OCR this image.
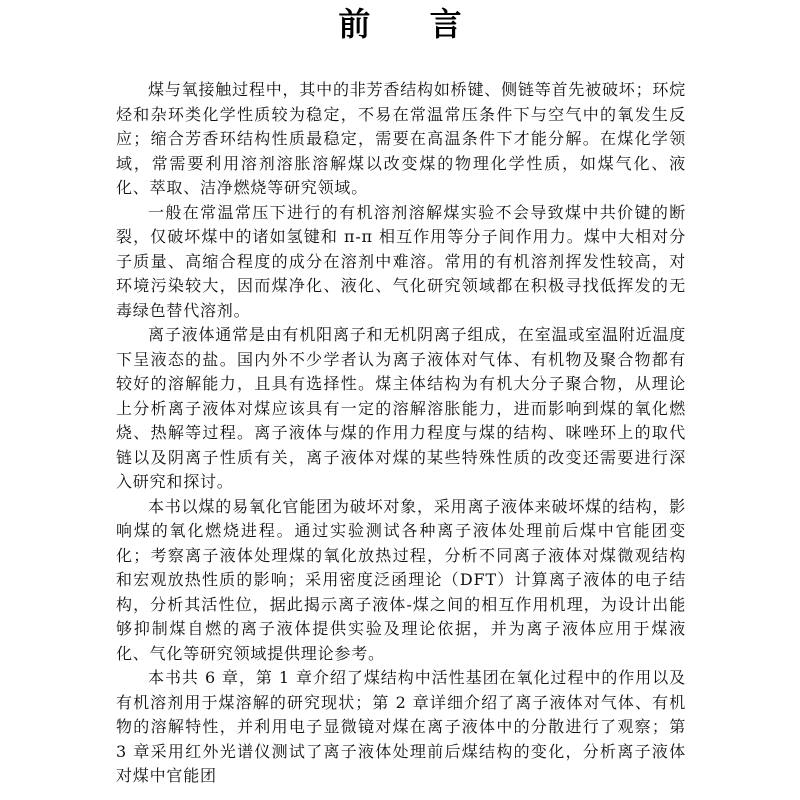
前 言

煤与氧接触过程中，其中的非芳香结构如桥键、侧链等首先被破坏；环烷烃和杂环类化学性质较为稳定，不易在常温常压条件下与空气中的氧发生反应；缩合芳香环结构性质最稳定，需要在高温条件下才能分解。在煤化学领域，常需要利用溶剂溶胀溶解煤以改变煤的物理化学性质，如煤气化、液化、萃取、洁净燃烧等研究领域。

一般在常温常压下进行的有机溶剂溶解煤实验不会导致煤中共价键的断裂，仅破坏煤中的诸如氢键和 π-π 相互作用等分子间作用力。煤中大相对分子质量、高缩合程度的成分在溶剂中难溶。常用的有机溶剂挥发性较高，对环境污染较大，因而煤净化、液化、气化研究领域都在积极寻找低挥发的无毒绿色替代溶剂。

离子液体通常是由有机阳离子和无机阴离子组成，在室温或室温附近温度下呈液态的盐。国内外不少学者认为离子液体对气体、有机物及聚合物都有较好的溶解能力，且具有选择性。煤主体结构为有机大分子聚合物，从理论上分析离子液体对煤应该具有一定的溶解溶胀能力，进而影响到煤的氧化燃烧、热解等过程。离子液体与煤的作用力程度与煤的结构、咪唑环上的取代链以及阴离子性质有关，离子液体对煤的某些特殊性质的改变还需要进行深入研究和探讨。

本书以煤的易氧化官能团为破坏对象，采用离子液体来破坏煤的结构，影响煤的氧化燃烧进程。通过实验测试各种离子液体处理前后煤中官能团变化；考察离子液体处理煤的氧化放热过程，分析不同离子液体对煤微观结构和宏观放热性质的影响；采用密度泛函理论（DFT）计算离子液体的电子结构，分析其活性位，据此揭示离子液体-煤之间的相互作用机理，为设计出能够抑制煤自燃的离子液体提供实验及理论依据，并为离子液体应用于煤液化、气化等研究领域提供理论参考。

本书共 6 章，第 1 章介绍了煤结构中活性基团在氧化过程中的作用以及有机溶剂用于煤溶解的研究现状；第 2 章详细介绍了离子液体对气体、有机物的溶解特性，并利用电子显微镜对煤在离子液体中的分散进行了观察；第 3 章采用红外光谱仪测试了离子液体处理前后煤结构的变化，分析离子液体对煤中官能团
